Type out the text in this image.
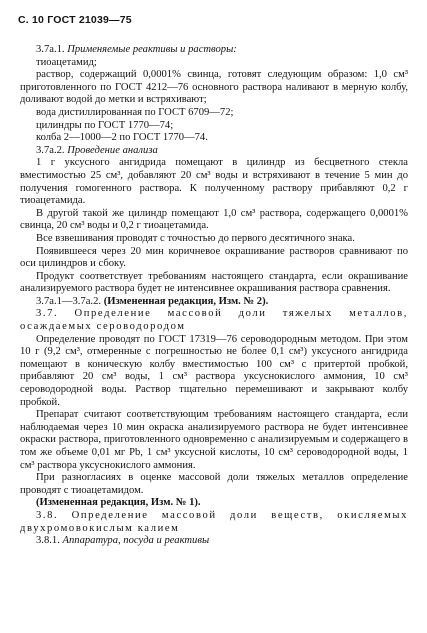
С. 10 ГОСТ 21039—75

3.7а.1. Применяемые реактивы и растворы:

тиоацетамид;

раствор, содержащий 0,0001% свинца, готовят следующим образом: 1,0 см³ приготовленного по ГОСТ 4212—76 основного раствора наливают в мерную колбу, доливают водой до метки и встряхивают;

вода дистиллированная по ГОСТ 6709—72;

цилиндры по ГОСТ 1770—74;

колба 2—1000—2 по ГОСТ 1770—74.

3.7а.2. Проведение анализа

1 г уксусного ангидрида помещают в цилиндр из бесцветного стекла вместимостью 25 см³, добавляют 20 см³ воды и встряхивают в течение 5 мин до получения гомогенного раствора. К полученному раствору прибавляют 0,2 г тиоацетамида.

В другой такой же цилиндр помещают 1,0 см³ раствора, содержащего 0,0001% свинца, 20 см³ воды и 0,2 г тиоацетамида.

Все взвешивания проводят с точностью до первого десятичного знака.

Появившееся через 20 мин коричневое окрашивание растворов сравнивают по оси цилиндров и сбоку.

Продукт соответствует требованиям настоящего стандарта, если окрашивание анализируемого раствора будет не интенсивнее окрашивания раствора сравнения.

3.7а.1—3.7а.2. (Измененная редакция, Изм. № 2).

3.7. Определение массовой доли тяжелых металлов, осаждаемых сероводородом

Определение проводят по ГОСТ 17319—76 сероводородным методом. При этом 10 г (9,2 см³, отмеренные с погрешностью не более 0,1 см³) уксусного ангидрида помещают в коническую колбу вместимостью 100 см³ с притертой пробкой, прибавляют 20 см³ воды, 1 см³ раствора уксуснокислого аммония, 10 см³ сероводородной воды. Раствор тщательно перемешивают и закрывают колбу пробкой.

Препарат считают соответствующим требованиям настоящего стандарта, если наблюдаемая через 10 мин окраска анализируемого раствора не будет интенсивнее окраски раствора, приготовленного одновременно с анализируемым и содержащего в том же объеме 0,01 мг Pb, 1 см³ уксусной кислоты, 10 см³ сероводородной воды, 1 см³ раствора уксуснокислого аммония.

При разногласиях в оценке массовой доли тяжелых металлов определение проводят с тиоацетамидом.

(Измененная редакция, Изм. № 1).

3.8. Определение массовой доли веществ, окисляемых двухромовокислым калием

3.8.1. Аппаратура, посуда и реактивы
